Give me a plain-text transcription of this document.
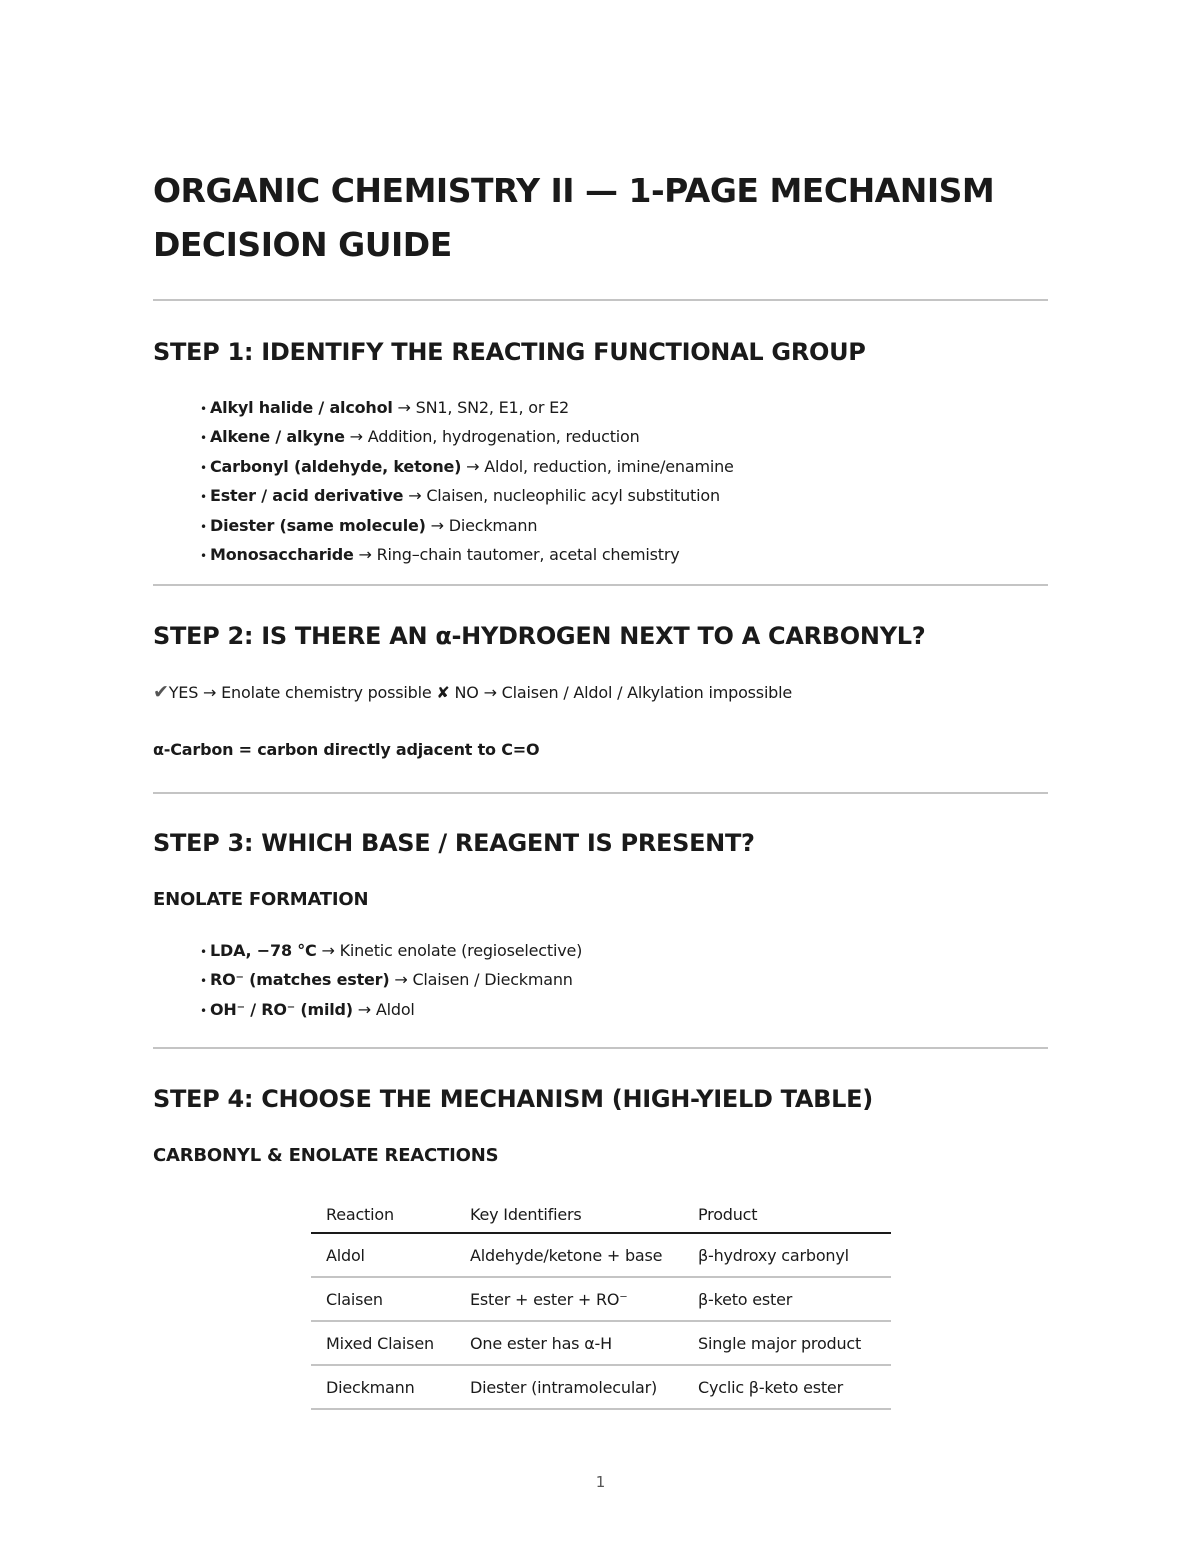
ORGANIC CHEMISTRY II — 1-PAGE MECHANISM DECISION GUIDE
STEP 1: IDENTIFY THE REACTING FUNCTIONAL GROUP
• Alkyl halide / alcohol → SN1, SN2, E1, or E2
• Alkene / alkyne → Addition, hydrogenation, reduction
• Carbonyl (aldehyde, ketone) → Aldol, reduction, imine/enamine
• Ester / acid derivative → Claisen, nucleophilic acyl substitution
• Diester (same molecule) → Dieckmann
• Monosaccharide → Ring–chain tautomer, acetal chemistry
STEP 2: IS THERE AN α-HYDROGEN NEXT TO A CARBONYL?
✔YES → Enolate chemistry possible ✘ NO → Claisen / Aldol / Alkylation impossible
α-Carbon = carbon directly adjacent to C=O
STEP 3: WHICH BASE / REAGENT IS PRESENT?
ENOLATE FORMATION
• LDA, −78 °C → Kinetic enolate (regioselective)
• RO⁻ (matches ester) → Claisen / Dieckmann
• OH⁻ / RO⁻ (mild) → Aldol
STEP 4: CHOOSE THE MECHANISM (HIGH-YIELD TABLE)
CARBONYL & ENOLATE REACTIONS
Reaction	Key Identifiers	Product
Aldol	Aldehyde/ketone + base	β-hydroxy carbonyl
Claisen	Ester + ester + RO⁻	β-keto ester
Mixed Claisen	One ester has α-H	Single major product
Dieckmann	Diester (intramolecular)	Cyclic β-keto ester
1
